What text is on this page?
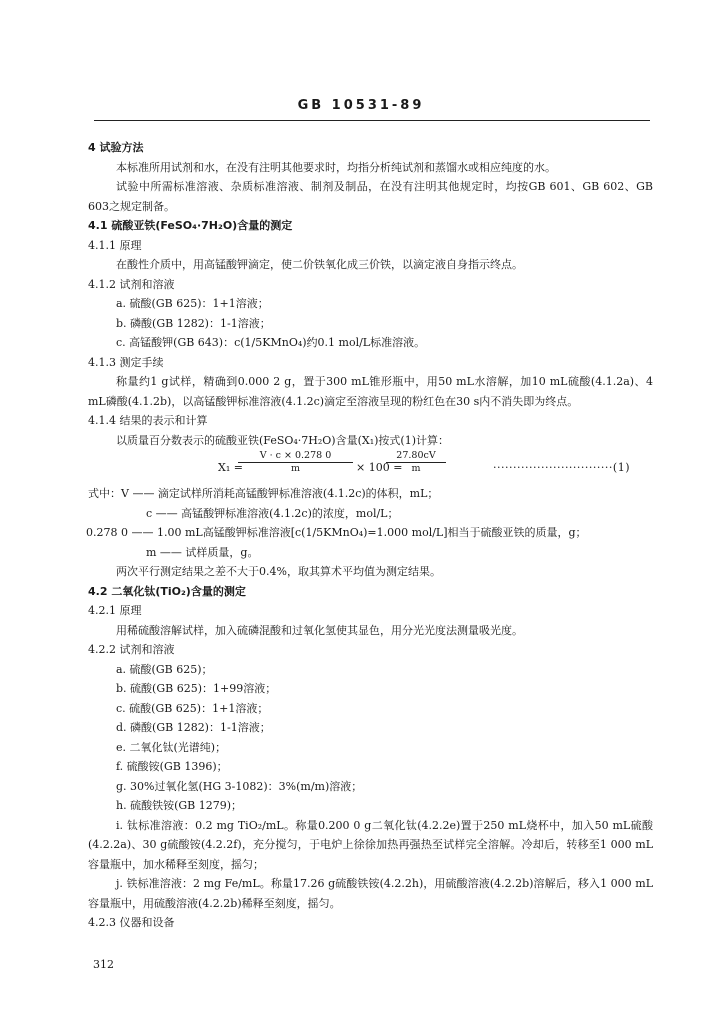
GB 10531-89
4 试验方法
本标准所用试剂和水，在没有注明其他要求时，均指分析纯试剂和蒸馏水或相应纯度的水。
试验中所需标准溶液、杂质标准溶液、制剂及制品，在没有注明其他规定时，均按GB 601、GB 602、GB 603之规定制备。
4.1 硫酸亚铁(FeSO₄·7H₂O)含量的测定
4.1.1 原理
在酸性介质中，用高锰酸钾滴定，使二价铁氧化成三价铁，以滴定液自身指示终点。
4.1.2 试剂和溶液
a. 硫酸(GB 625)：1+1溶液；
b. 磷酸(GB 1282)：1-1溶液；
c. 高锰酸钾(GB 643)：c(1/5KMnO₄)约0.1 mol/L标准溶液。
4.1.3 测定手续
称量约1 g试样，精确到0.000 2 g，置于300 mL锥形瓶中，用50 mL水溶解，加10 mL硫酸(4.1.2a)、4 mL磷酸(4.1.2b)，以高锰酸钾标准溶液(4.1.2c)滴定至溶液呈现的粉红色在30 s内不消失即为终点。
4.1.4 结果的表示和计算
以质量百分数表示的硫酸亚铁(FeSO₄·7H₂O)含量(X₁)按式(1)计算：
X₁ =
$\frac{V \cdot c \times 0.278 0}{m} \times 100$ =
$\frac{27.80cV}{m}$	······························(1)
式中：V —— 滴定试样所消耗高锰酸钾标准溶液(4.1.2c)的体积，mL；
c —— 高锰酸钾标准溶液(4.1.2c)的浓度，mol/L；
0.278 0 —— 1.00 mL高锰酸钾标准溶液[c(1/5KMnO₄)=1.000 mol/L]相当于硫酸亚铁的质量，g；
m —— 试样质量，g。
两次平行测定结果之差不大于0.4%，取其算术平均值为测定结果。
4.2 二氧化钛(TiO₂)含量的测定
4.2.1 原理
用稀硫酸溶解试样，加入硫磷混酸和过氧化氢使其显色，用分光光度法测量吸光度。
4.2.2 试剂和溶液
a. 硫酸(GB 625)；
b. 硫酸(GB 625)：1+99溶液；
c. 硫酸(GB 625)：1+1溶液；
d. 磷酸(GB 1282)：1-1溶液；
e. 二氧化钛(光谱纯)；
f. 硫酸铵(GB 1396)；
g. 30%过氧化氢(HG 3-1082)：3%(m/m)溶液；
h. 硫酸铁铵(GB 1279)；
i. 钛标准溶液：0.2 mg TiO₂/mL。称量0.200 0 g二氧化钛(4.2.2e)置于250 mL烧杯中，加入50 mL硫酸(4.2.2a)、30 g硫酸铵(4.2.2f)，充分搅匀，于电炉上徐徐加热再强热至试样完全溶解。冷却后，转移至1 000 mL容量瓶中，加水稀释至刻度，摇匀；
j. 铁标准溶液：2 mg Fe/mL。称量17.26 g硫酸铁铵(4.2.2h)，用硫酸溶液(4.2.2b)溶解后，移入1 000 mL容量瓶中，用硫酸溶液(4.2.2b)稀释至刻度，摇匀。
4.2.3 仪器和设备
312
